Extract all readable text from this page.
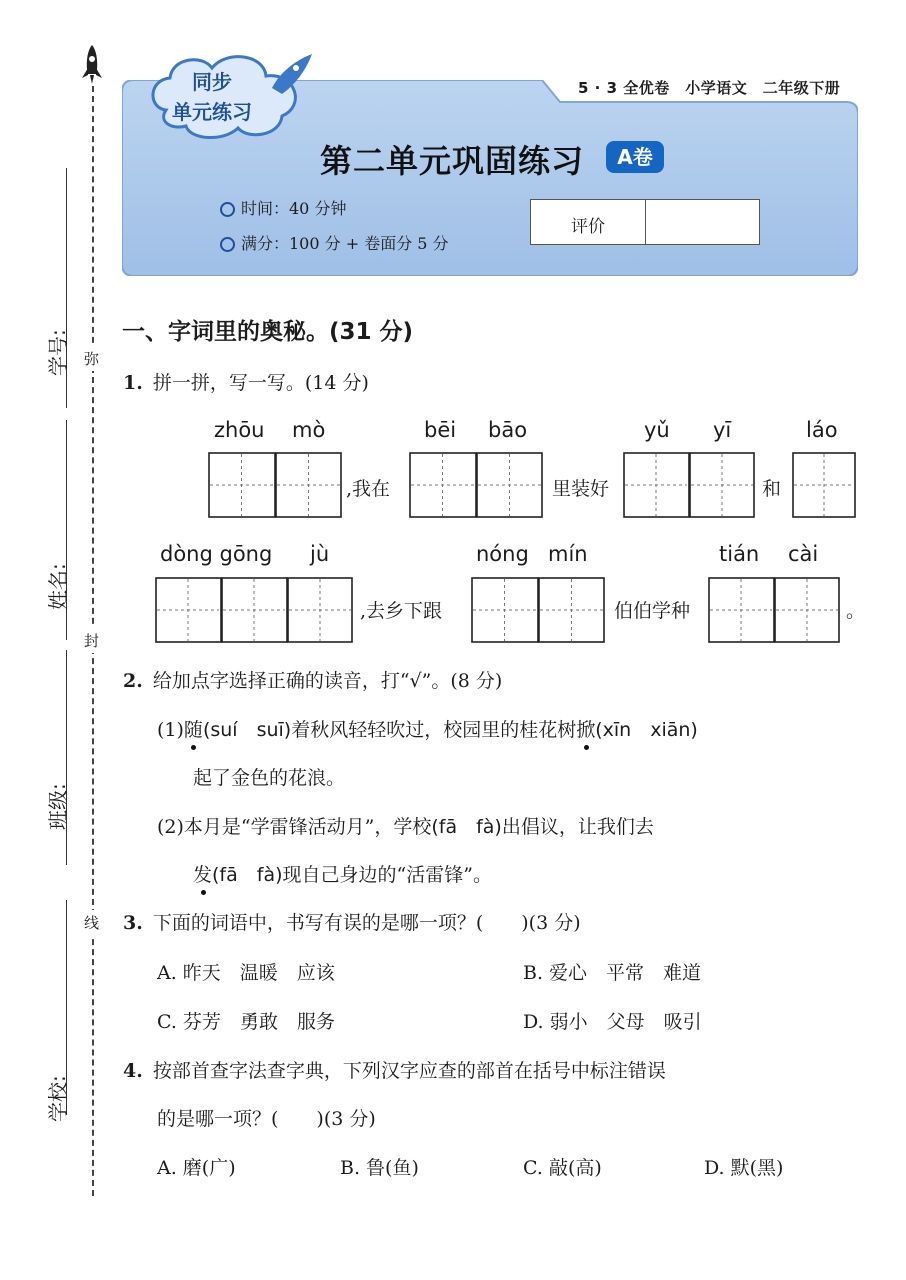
学号:
姓名:
班级:
学校:
弥
封
线
同步
单元练习
5 · 3 全优卷　小学语文　二年级下册
第二单元巩固练习	A卷
时间：40 分钟
满分：100 分 + 卷面分 5 分
评价
一、字词里的奥秘。(31 分)
1. 拼一拼，写一写。(14 分)
zhōu mò	bēi bāo	yǔ yī	láo
,我在	里装好	和
dòng gōng jù	nóng mín	tián cài
,去乡下跟	伯伯学种	。
2. 给加点字选择正确的读音，打“√”。(8 分)
(1)随(suí　suī)着秋风轻轻吹过，校园里的桂花树掀(xīn　xiān)
起了金色的花浪。
(2)本月是“学雷锋活动月”，学校(fā　fà)出倡议，让我们去
发(fā　fà)现自己身边的“活雷锋”。
3. 下面的词语中，书写有误的是哪一项？(　　)(3 分)
A. 昨天　温暖　应该	B. 爱心　平常　难道
C. 芬芳　勇敢　服务	D. 弱小　父母　吸引
4. 按部首查字法查字典，下列汉字应查的部首在括号中标注错误
的是哪一项？(　　)(3 分)
A. 磨(广)	B. 鲁(鱼)	C. 敲(高)	D. 默(黑)
